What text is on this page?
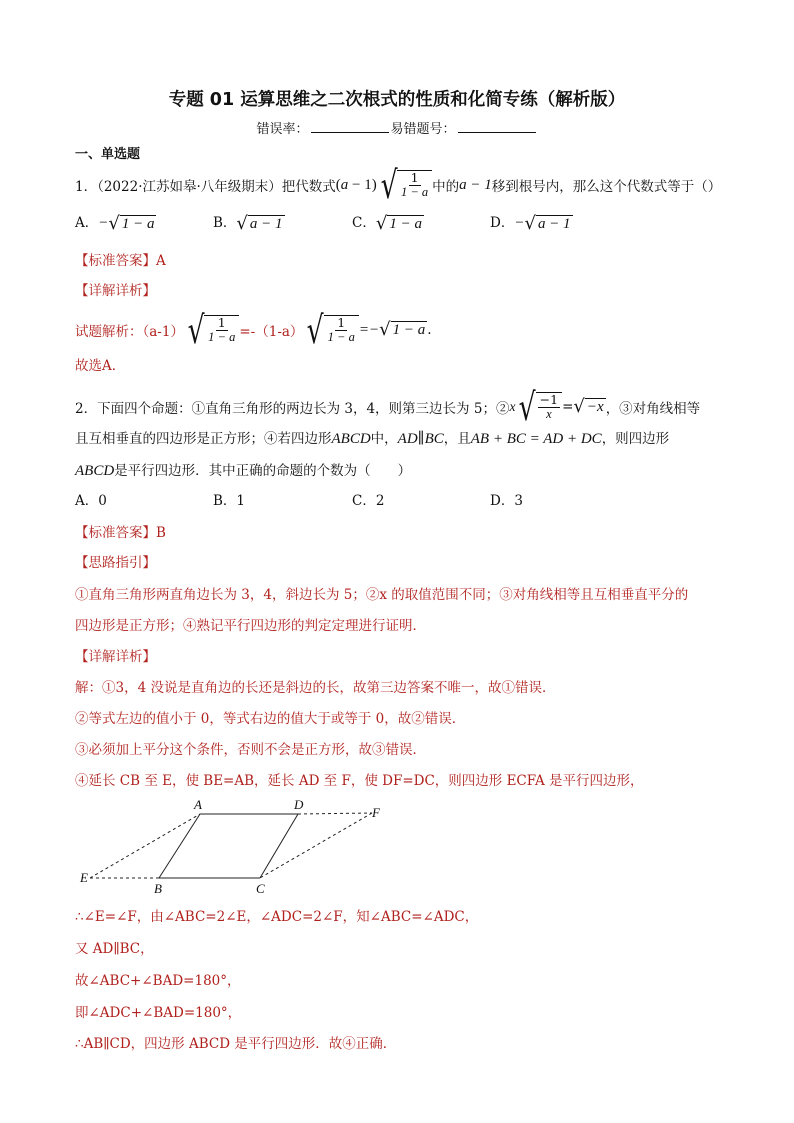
专题 01 运算思维之二次根式的性质和化简专练（解析版）
错误率：	易错题号：
一、单选题
1．（2022·江苏如皋·八年级期末）把代数式 (a − 1) √ $\frac{1}{1 - a}$ 中的 a − 1 移到根号内，那么这个代数式等于（）
A．− √ 1 − a	B． √ a − 1	C． √ 1 − a	D．− √ a − 1
【标准答案】A
【详解详析】
试题解析：（a-1） √ $\frac{1}{1 - a} =-(1-a)$ √ $\frac{1}{1 - a}$ =− √ 1 − a .
故选A．
2．下面四个命题：①直角三角形的两边长为 3，4，则第三边长为 5；② x √ $\frac{-1}{x}$ = √ −x ，③对角线相等
且互相垂直的四边形是正方形；④若四边形ABCD中，AD∥BC，且AB + BC = AD + DC，则四边形
ABCD是平行四边形．其中正确的命题的个数为（　　）
A．0	B．1	C．2	D．3
【标准答案】B
【思路指引】
①直角三角形两直角边长为 3，4，斜边长为 5；②x 的取值范围不同；③对角线相等且互相垂直平分的
四边形是正方形；④熟记平行四边形的判定定理进行证明．
【详解详析】
解：①3，4 没说是直角边的长还是斜边的长，故第三边答案不唯一，故①错误．
②等式左边的值小于 0，等式右边的值大于或等于 0，故②错误．
③必须加上平分这个条件，否则不会是正方形，故③错误．
④延长 CB 至 E，使 BE=AB，延长 AD 至 F，使 DF=DC，则四边形 ECFA 是平行四边形，
A	D
F
E
B	C
∴∠E=∠F，由∠ABC=2∠E，∠ADC=2∠F，知∠ABC=∠ADC，
又 AD∥BC，
故∠ABC+∠BAD=180°，
即∠ADC+∠BAD=180°，
∴AB∥CD，四边形 ABCD 是平行四边形．故④正确．
